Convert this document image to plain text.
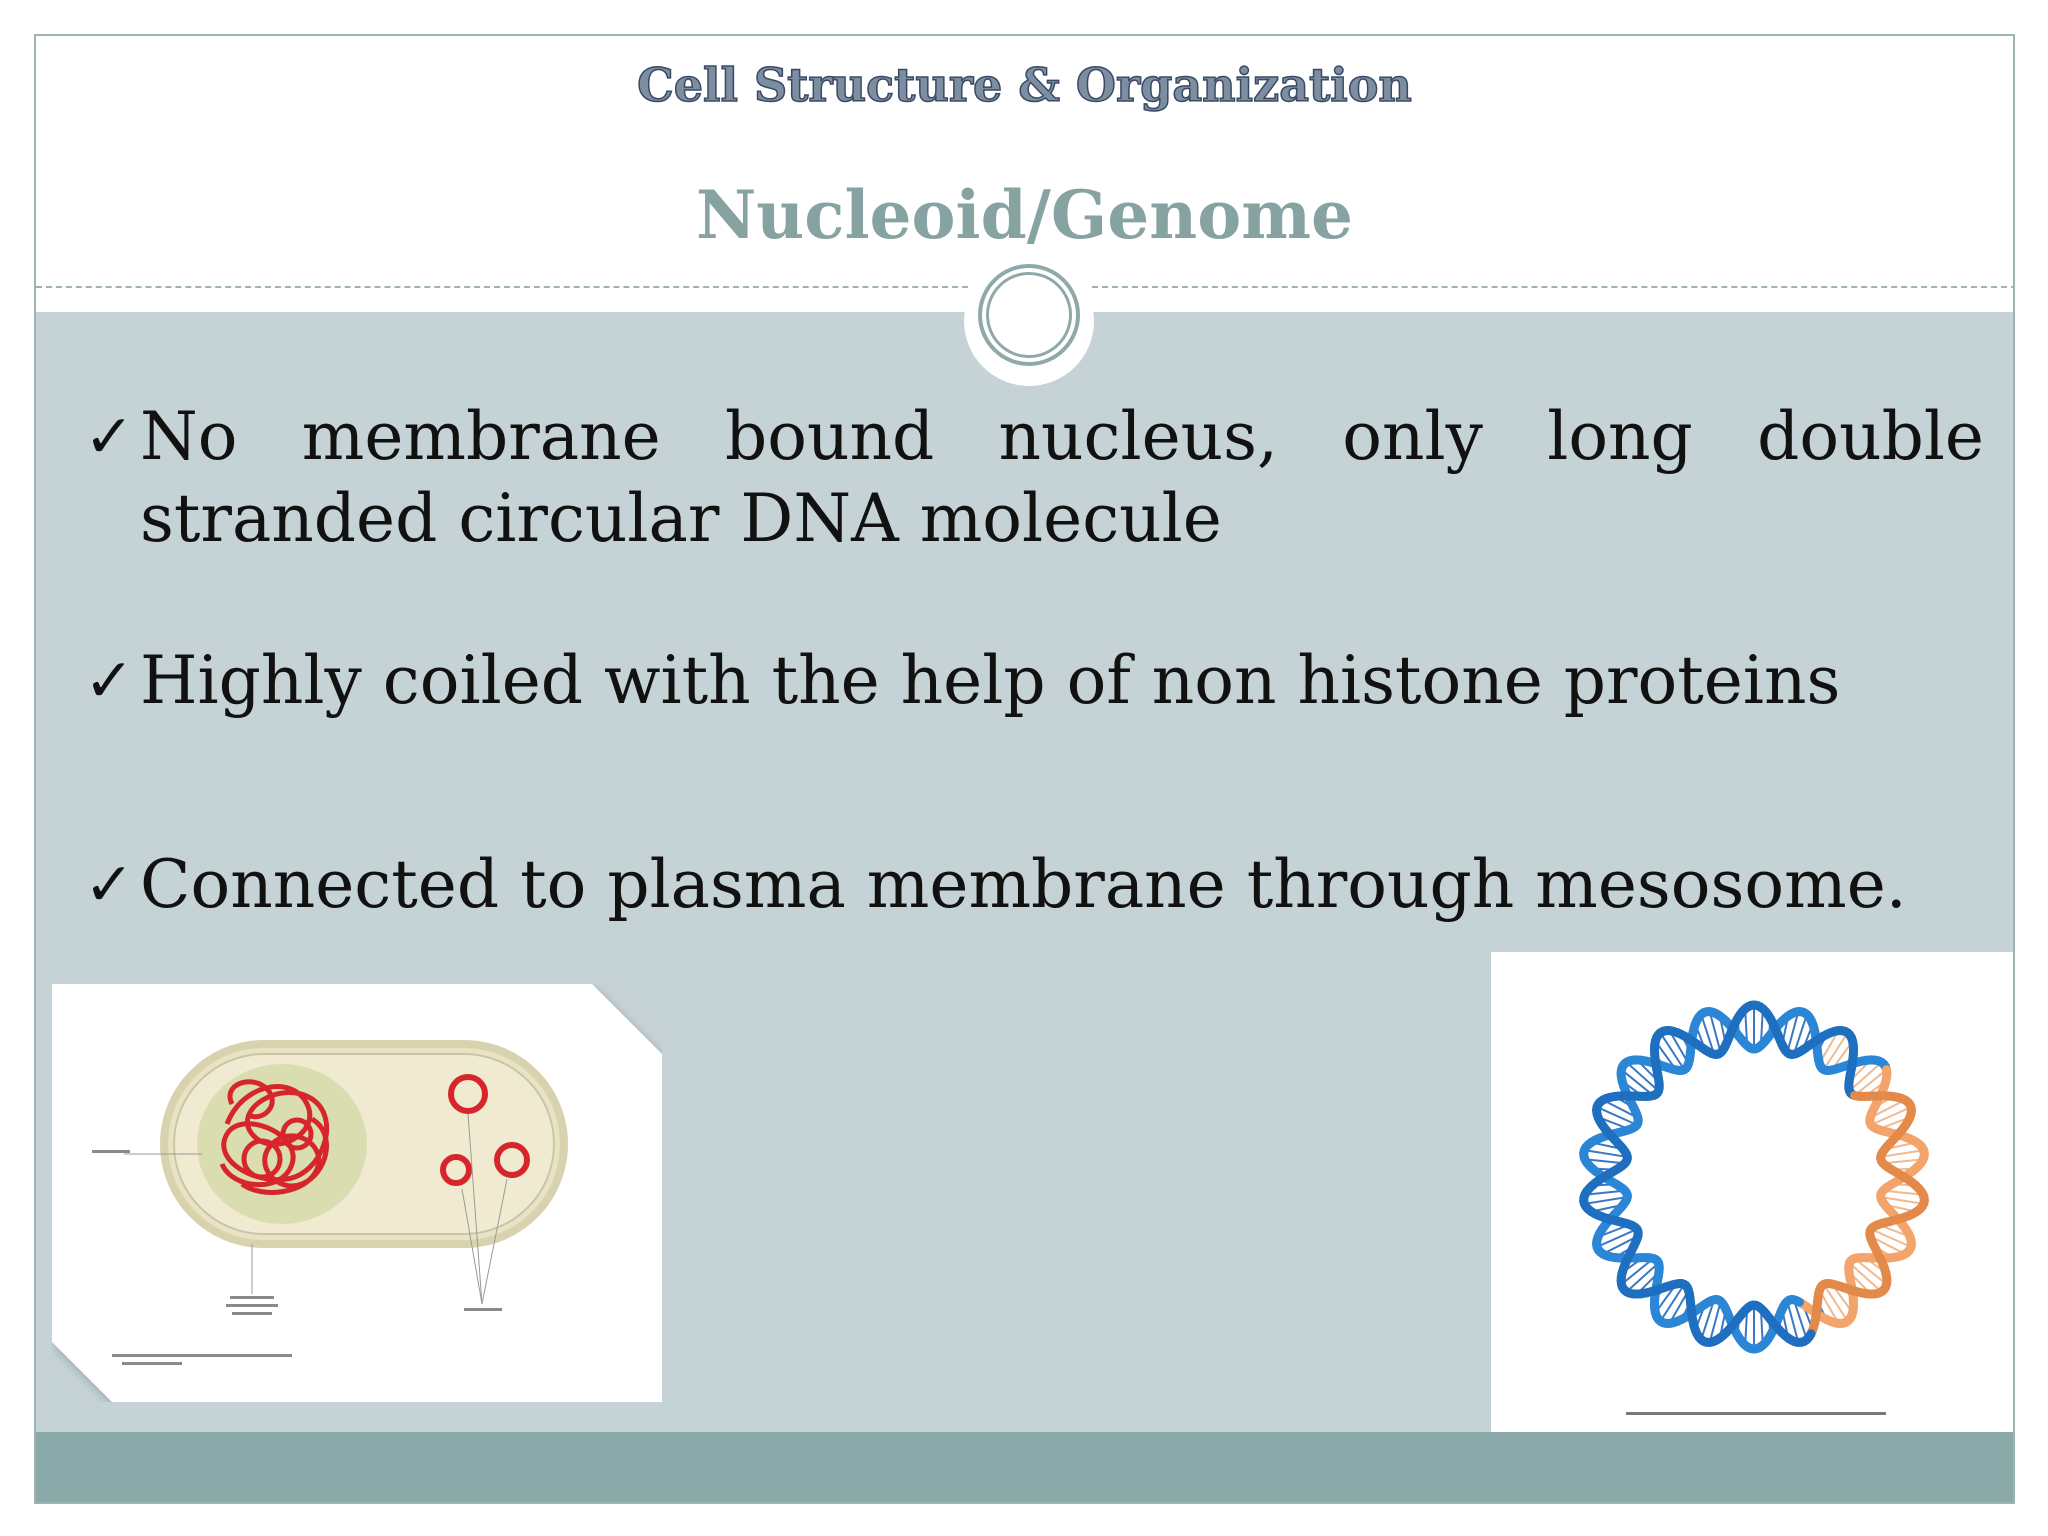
Cell Structure & Organization
Nucleoid/Genome
✓ No membrane bound nucleus, only long double stranded circular DNA molecule
✓ Highly coiled with the help of non histone proteins
✓ Connected to plasma membrane through mesosome.
